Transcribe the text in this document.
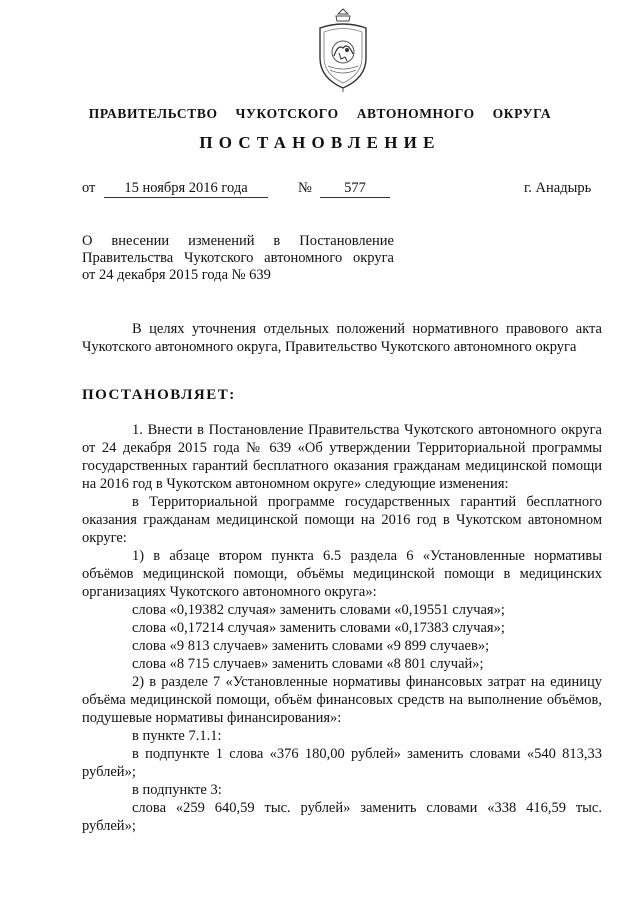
ПРАВИТЕЛЬСТВО  ЧУКОТСКОГО  АВТОНОМНОГО  ОКРУГА
ПОСТАНОВЛЕНИЕ
от	15 ноября 2016 года	№	577	г. Анадырь
О внесении изменений в Постановление
Правительства Чукотского автономного округа
от 24 декабря 2015 года № 639
В целях уточнения отдельных положений нормативного правового акта Чукотского автономного округа, Правительство Чукотского автономного округа
ПОСТАНОВЛЯЕТ:
1. Внести в Постановление Правительства Чукотского автономного округа от 24 декабря 2015 года № 639 «Об утверждении Территориальной программы государственных гарантий бесплатного оказания гражданам медицинской помощи на 2016 год в Чукотском автономном округе» следующие изменения:
в Территориальной программе государственных гарантий бесплатного оказания гражданам медицинской помощи на 2016 год в Чукотском автономном округе:
1) в абзаце втором пункта 6.5 раздела 6 «Установленные нормативы объёмов медицинской помощи, объёмы медицинской помощи в медицинских организациях Чукотского автономного округа»:
слова «0,19382 случая» заменить словами «0,19551 случая»;
слова «0,17214 случая» заменить словами «0,17383 случая»;
слова «9 813 случаев» заменить словами «9 899 случаев»;
слова «8 715 случаев» заменить словами «8 801 случай»;
2) в разделе 7 «Установленные нормативы финансовых затрат на единицу объёма медицинской помощи, объём финансовых средств на выполнение объёмов, подушевые нормативы финансирования»:
в пункте 7.1.1:
в подпункте 1 слова «376 180,00 рублей» заменить словами «540 813,33 рублей»;
в подпункте 3:
слова «259 640,59 тыс. рублей» заменить словами «338 416,59 тыс. рублей»;
